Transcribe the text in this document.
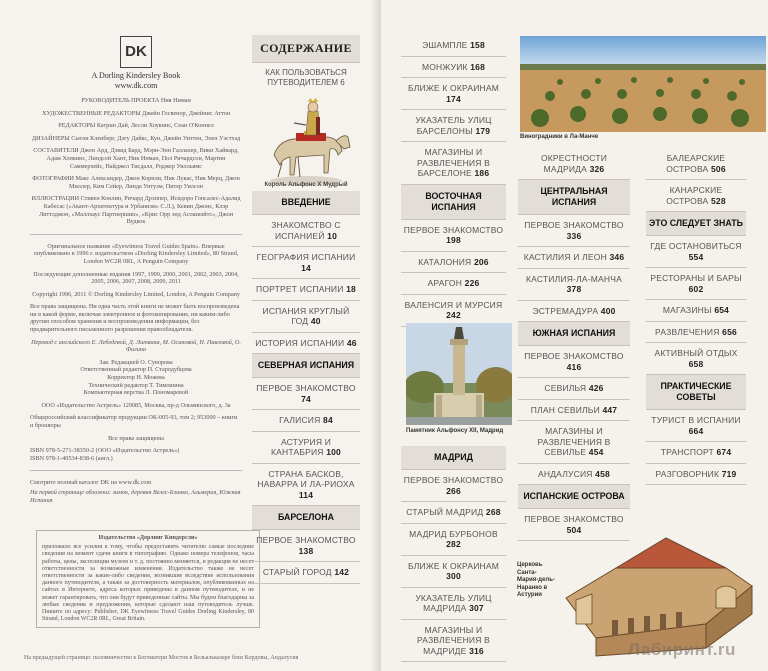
DK
A Dorling Kindersley Book
www.dk.com

РУКОВОДИТЕЛЬ ПРОЕКТА Ния Ниман

ХУДОЖЕСТВЕННЫЕ РЕДАКТОРЫ Джейн Госвенор, Джейниc Аттон

РЕДАКТОРЫ Катрин Дай, Лесли Хоукинс, Сеан О'Коннел

ДИЗАЙНЕРЫ Сьюзи Кленберг, Дэгу Дайкс, Кун, Джейн Уиттен, Элен Уэстхэд

СОСТАВИТЕЛИ Джон Ард, Дэвид Бард, Мэри-Энн Галлахер, Вики Хайвард, Адам Хопкинс, Линдсей Хант, Ник Инман, Пол Ричардсон, Мартин Саммерхейс, Найджел Тисдалл, Роджер Уилльямс

ФОТОГРАФИИ Макс Александер, Джон Корнли, Ник Лукас, Ник Мерц, Джон Миллер, Ким Сейер, Линда Уитуэм, Питер Уилсон

ИЛЛЮСТРАЦИИ Стивен Конлин, Ричард Дрэппер, Исидоро Гонсалес-Адалид Кабесас («Акант-Архитектура и Урбанизм» С.Л.), Кевин Джонс, Клэр Литтлджон, «Маллхаус Партнершип», «Крис Орр энд Асошиэйтс», Джон Вудкок

Оригинальное название «Eyewitness Travel Guides Spain». Впервые опубликовано в 1996 г. издательством «Dorling Kindersley Limited», 80 Strand, London WC2R 0RL, A Penguin Company

Последующие дополненные издания 1997, 1999, 2000, 2001, 2002, 2003, 2004, 2005, 2006, 2007, 2008, 2009, 2011

Copyright 1996, 2011 © Dorling Kindersley Limited, London, A Penguin Company

Все права защищены. Ни одна часть этой книги не может быть воспроизведена ни в какой форме, включая электронное и фотокопирование, ни каким-либо другим способом хранения и воспроизведения информации, без предварительного письменного разрешения правообладателя.

Перевод с английского Е. Лебедевой, Д. Литвина, М. Осиновой, Н. Павловой, О. Филина

Зав. Редакцией О. Суворова

Ответственный редактор П. Стародубцева

Корректор Н. Можева

Технический редактор Т. Тимошина

Компьютерная верстка Л. Пономаревой

ООО «Издательство Астрель» 129085, Москва, пр-д Ольминского, д. 3а

Общероссийский классификатор продукции ОК-005-93, том 2; 953000 – книги и брошюры

Все права защищены

ISBN 978-5-271-38350-2 (ООО «Издательство Астрель»)

ISBN 978-1-40534-838-6 (англ.)

Смотрите полный каталог DK на www.dk.com

На первой странице обложки: замок, деревня Велес-Бланко, Альмерия, Южная Испания

Издательство «Дорлинг Киндерсли»
приложило все усилия к тому, чтобы предоставить читателю самые последние сведения на момент сдачи книги в типографию. Однако номера телефонов, часы работы, цены, экспозиции музеев и т. д. постоянно меняются, и редакция не несет ответственности за возможные изменения. Издательство также не несет ответственности за какие-либо сведения, возникшие вследствие использования данного путеводителя, а также за достоверность материалов, опубликованных на сайтах в Интернете, адреса которых приведены в данном путеводителе, и не может гарантировать, что они будут приведенные сайты. Мы будем благодарны за любые сведения и предложения, которые сделают наш путеводитель лучше. Пишите по адресу: Publisher, DK Eyewitness Travel Guides Dorling Kindersley, 80 Strand, London WC2R 0RL, Great Britain.
На предыдущей странице: паломничество к Богоматери Мостов в Бельальказаре близ Кордовы, Андалусия
СОДЕРЖАНИЕ
КАК ПОЛЬЗОВАТЬСЯ ПУТЕВОДИТЕЛЕМ 6
Король Альфонс Х Мудрый
ВВЕДЕНИЕ
ЗНАКОМСТВО С ИСПАНИЕЙ 10
ГЕОГРАФИЯ ИСПАНИИ 14
ПОРТРЕТ ИСПАНИИ 18
ИСПАНИЯ КРУГЛЫЙ ГОД 40
ИСТОРИЯ ИСПАНИИ 46
СЕВЕРНАЯ ИСПАНИЯ
ПЕРВОЕ ЗНАКОМСТВО 74
ГАЛИСИЯ 84
АСТУРИЯ И КАНТАБРИЯ 100
СТРАНА БАСКОВ, НАВАРРА И ЛА-РИОХА 114
БАРСЕЛОНА
ПЕРВОЕ ЗНАКОМСТВО 138
СТАРЫЙ ГОРОД 142
ЭШАМПЛЕ 158
МОНЖУИК 168
БЛИЖЕ К ОКРАИНАМ 174
УКАЗАТЕЛЬ УЛИЦ БАРСЕЛОНЫ 179
МАГАЗИНЫ И РАЗВЛЕЧЕНИЯ В БАРСЕЛОНЕ 186
ВОСТОЧНАЯ ИСПАНИЯ
ПЕРВОЕ ЗНАКОМСТВО 198
КАТАЛОНИЯ 206
АРАГОН 226
ВАЛЕНСИЯ И МУРСИЯ 242
Памятник Альфонсу XII, Мадрид
МАДРИД
ПЕРВОЕ ЗНАКОМСТВО 266
СТАРЫЙ МАДРИД 268
МАДРИД БУРБОНОВ 282
БЛИЖЕ К ОКРАИНАМ 300
УКАЗАТЕЛЬ УЛИЦ МАДРИДА 307
МАГАЗИНЫ И РАЗВЛЕЧЕНИЯ В МАДРИДЕ 316
Виноградники в Ла-Манче
ОКРЕСТНОСТИ МАДРИДА 326
ЦЕНТРАЛЬНАЯ ИСПАНИЯ
ПЕРВОЕ ЗНАКОМСТВО 336
КАСТИЛИЯ И ЛЕОН 346
КАСТИЛИЯ-ЛА-МАНЧА 378
ЭСТРЕМАДУРА 400
ЮЖНАЯ ИСПАНИЯ
ПЕРВОЕ ЗНАКОМСТВО 416
СЕВИЛЬЯ 426
ПЛАН СЕВИЛЬИ 447
МАГАЗИНЫ И РАЗВЛЕЧЕНИЯ В СЕВИЛЬЕ 454
АНДАЛУСИЯ 458
ИСПАНСКИЕ ОСТРОВА
ПЕРВОЕ ЗНАКОМСТВО 504
БАЛЕАРСКИЕ ОСТРОВА 506
КАНАРСКИЕ ОСТРОВА 528
ЭТО СЛЕДУЕТ ЗНАТЬ
ГДЕ ОСТАНОВИТЬСЯ 554
РЕСТОРАНЫ И БАРЫ 602
МАГАЗИНЫ 654
РАЗВЛЕЧЕНИЯ 656
АКТИВНЫЙ ОТДЫХ 658
ПРАКТИЧЕСКИЕ СОВЕТЫ
ТУРИСТ В ИСПАНИИ 664
ТРАНСПОРТ 674
РАЗГОВОРНИК 719
Церковь Санта-Мария-дель-Наранко в Астурии
Лабиринт.ru
